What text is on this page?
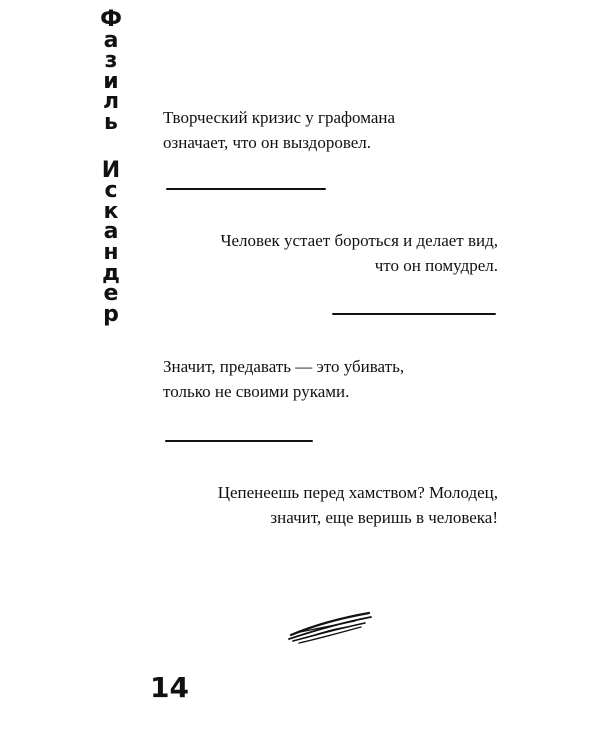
Ф
а
з
и
л
ь
И
с
к
а
н
д
е
р
Творческий кризис у графомана
означает, что он выздоровел.
Человек устает бороться и делает вид,
что он помудрел.
Значит, предавать — это убивать,
только не своими руками.
Цепенеешь перед хамством? Молодец,
значит, еще веришь в человека!
14
